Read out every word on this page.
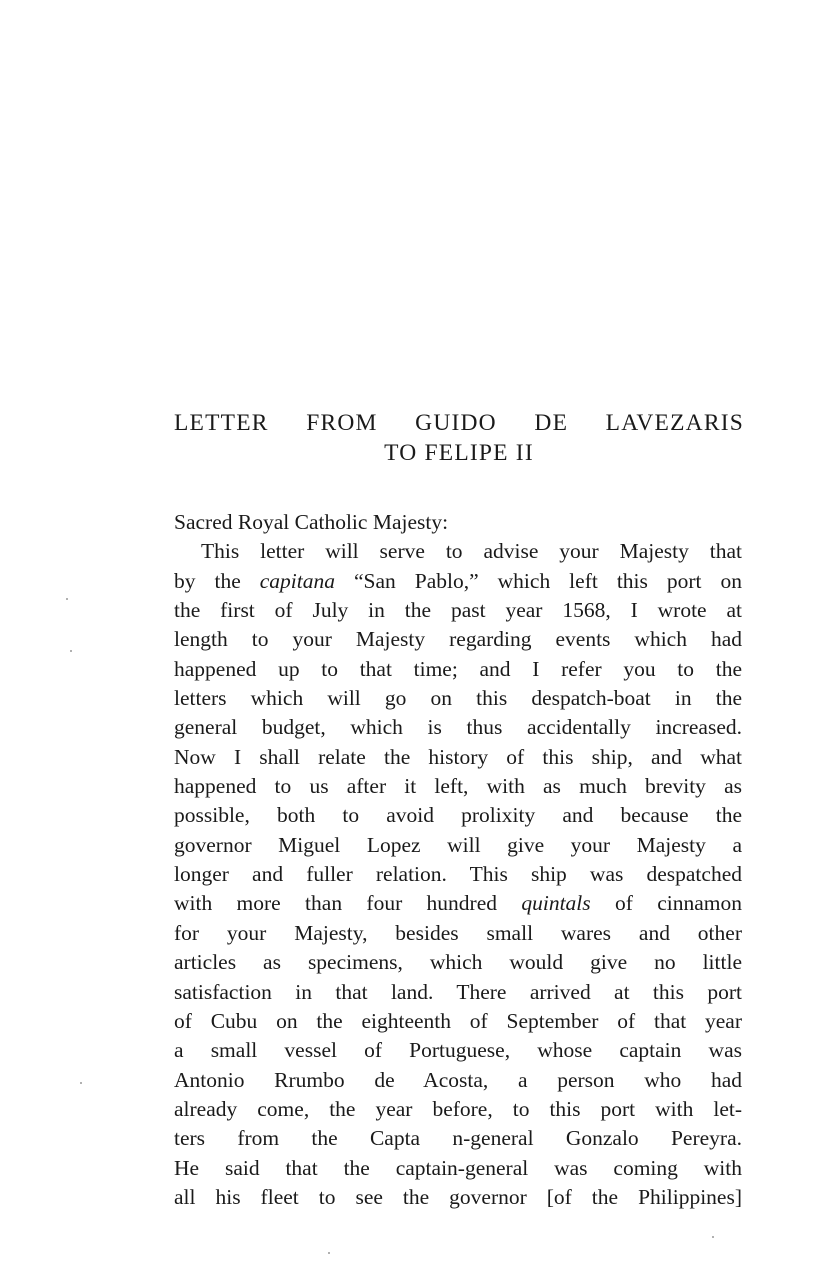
LETTER FROM GUIDO DE LAVEZARIS
TO FELIPE II
Sacred Royal Catholic Majesty:
This letter will serve to advise your Majesty that
by the capitana “San Pablo,” which left this port on
the first of July in the past year 1568, I wrote at
length to your Majesty regarding events which had
happened up to that time; and I refer you to the
letters which will go on this despatch-boat in the
general budget, which is thus accidentally increased.
Now I shall relate the history of this ship, and what
happened to us after it left, with as much brevity as
possible, both to avoid prolixity and because the
governor Miguel Lopez will give your Majesty a
longer and fuller relation. This ship was despatched
with more than four hundred quintals of cinnamon
for your Majesty, besides small wares and other
articles as specimens, which would give no little
satisfaction in that land. There arrived at this port
of Cubu on the eighteenth of September of that year
a small vessel of Portuguese, whose captain was
Antonio Rrumbo de Acosta, a person who had
already come, the year before, to this port with let-
ters from the Capta n-general Gonzalo Pereyra.
He said that the captain-general was coming with
all his fleet to see the governor [of the Philippines]
